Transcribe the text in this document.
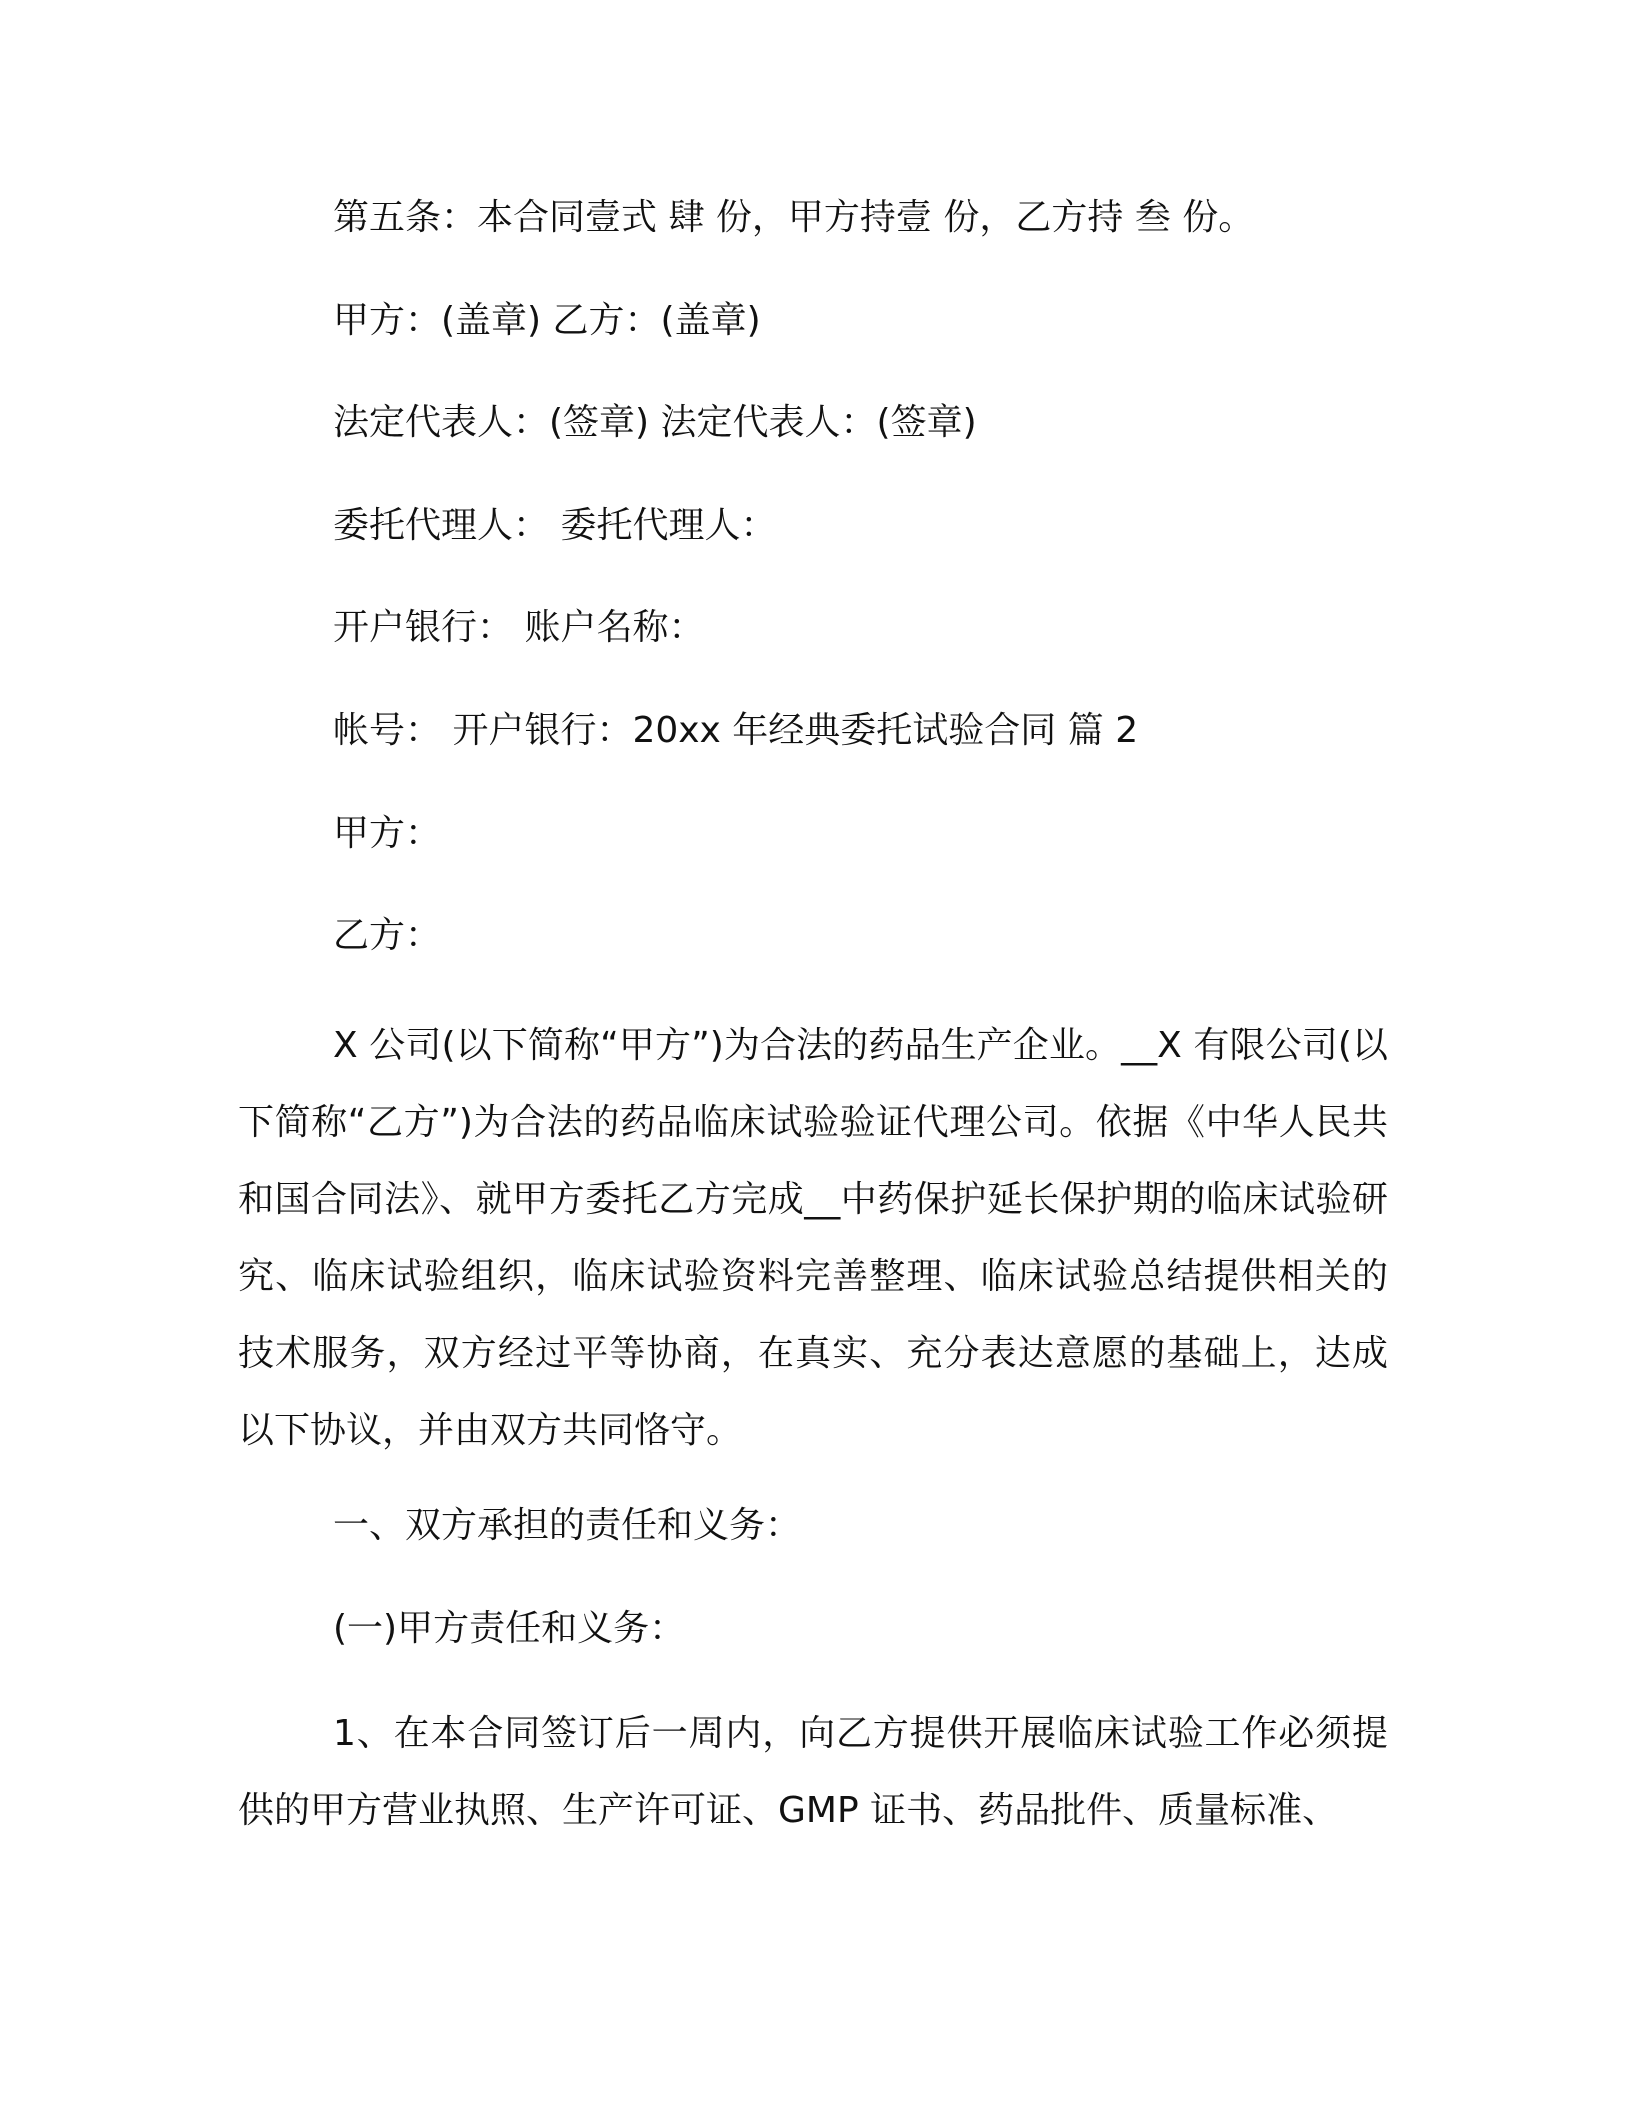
第五条：本合同壹式 肆 份，甲方持壹 份，乙方持 叁 份。

甲方：(盖章) 乙方：(盖章)

法定代表人：(签章) 法定代表人：(签章)

委托代理人： 委托代理人：

开户银行： 账户名称：

帐号： 开户银行：20xx 年经典委托试验合同 篇 2

甲方：

乙方：

X 公司(以下简称“甲方”)为合法的药品生产企业。__X 有限公司(以下简称“乙方”)为合法的药品临床试验验证代理公司。依据《中华人民共和国合同法》、就甲方委托乙方完成__中药保护延长保护期的临床试验研究、临床试验组织，临床试验资料完善整理、临床试验总结提供相关的技术服务，双方经过平等协商，在真实、充分表达意愿的基础上，达成以下协议，并由双方共同恪守。

一、双方承担的责任和义务：

(一)甲方责任和义务：

1、在本合同签订后一周内，向乙方提供开展临床试验工作必须提供的甲方营业执照、生产许可证、GMP 证书、药品批件、质量标准、
